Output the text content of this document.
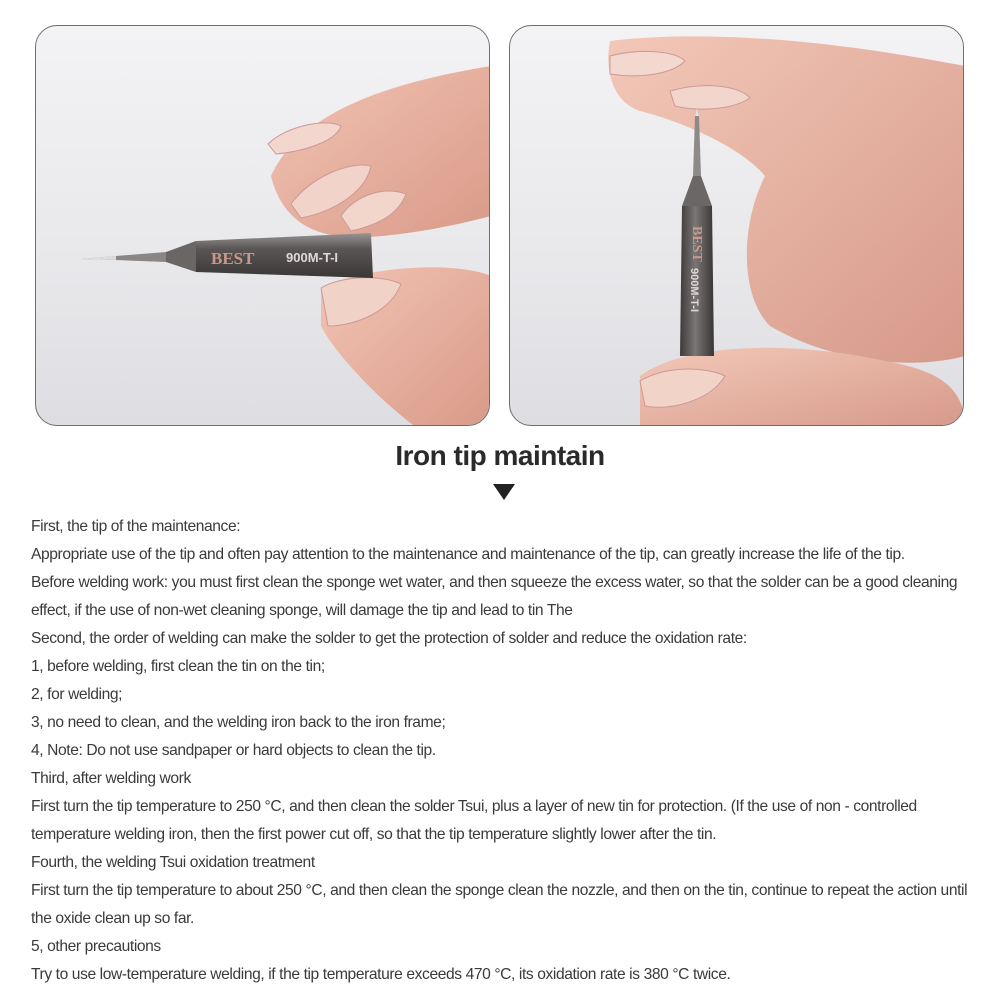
BEST 900M-T-I	BEST
900M-T-I
Iron tip maintain

First, the tip of the maintenance:

Appropriate use of the tip and often pay attention to the maintenance and maintenance of the tip, can greatly increase the life of the tip.

Before welding work: you must first clean the sponge wet water, and then squeeze the excess water, so that the solder can be a good cleaning effect, if the use of non-wet cleaning sponge, will damage the tip and lead to tin The

Second, the order of welding can make the solder to get the protection of solder and reduce the oxidation rate:

1, before welding, first clean the tin on the tin;

2, for welding;

3, no need to clean, and the welding iron back to the iron frame;

4, Note: Do not use sandpaper or hard objects to clean the tip.

Third, after welding work

First turn the tip temperature to 250 °C, and then clean the solder Tsui, plus a layer of new tin for protection. (If the use of non - controlled temperature welding iron, then the first power cut off, so that the tip temperature slightly lower after the tin.

Fourth, the welding Tsui oxidation treatment

First turn the tip temperature to about 250 °C, and then clean the sponge clean the nozzle, and then on the tin, continue to repeat the action until the oxide clean up so far.

5, other precautions

Try to use low-temperature welding, if the tip temperature exceeds 470 °C, its oxidation rate is 380 °C twice.
